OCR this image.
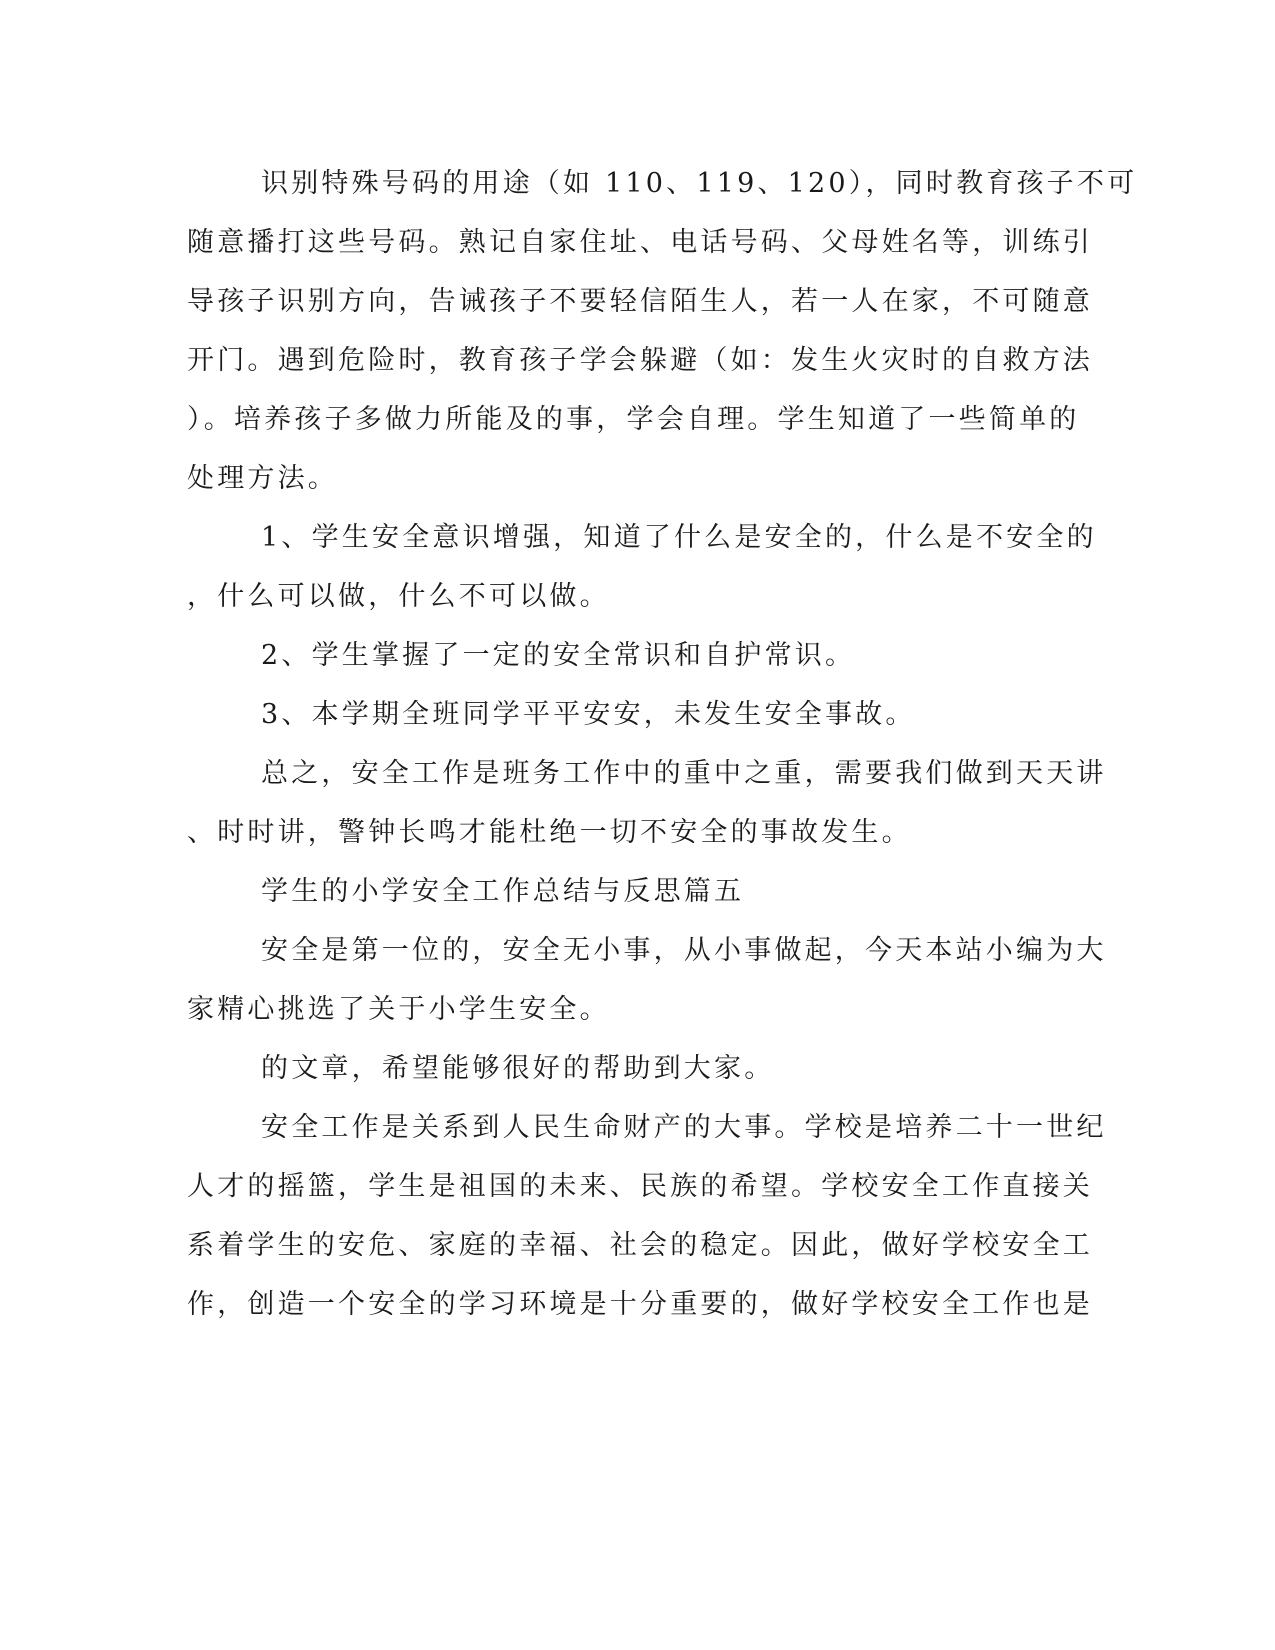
识别特殊号码的用途（如 110、119、120），同时教育孩子不可
随意播打这些号码。熟记自家住址、电话号码、父母姓名等，训练引
导孩子识别方向，告诫孩子不要轻信陌生人，若一人在家，不可随意
开门。遇到危险时，教育孩子学会躲避（如：发生火灾时的自救方法
）。培养孩子多做力所能及的事，学会自理。学生知道了一些简单的
处理方法。
1、学生安全意识增强，知道了什么是安全的，什么是不安全的
，什么可以做，什么不可以做。
2、学生掌握了一定的安全常识和自护常识。
3、本学期全班同学平平安安，未发生安全事故。
总之，安全工作是班务工作中的重中之重，需要我们做到天天讲
、时时讲，警钟长鸣才能杜绝一切不安全的事故发生。
学生的小学安全工作总结与反思篇五
安全是第一位的，安全无小事，从小事做起，今天本站小编为大
家精心挑选了关于小学生安全。
的文章，希望能够很好的帮助到大家。
安全工作是关系到人民生命财产的大事。学校是培养二十一世纪
人才的摇篮，学生是祖国的未来、民族的希望。学校安全工作直接关
系着学生的安危、家庭的幸福、社会的稳定。因此，做好学校安全工
作，创造一个安全的学习环境是十分重要的，做好学校安全工作也是
